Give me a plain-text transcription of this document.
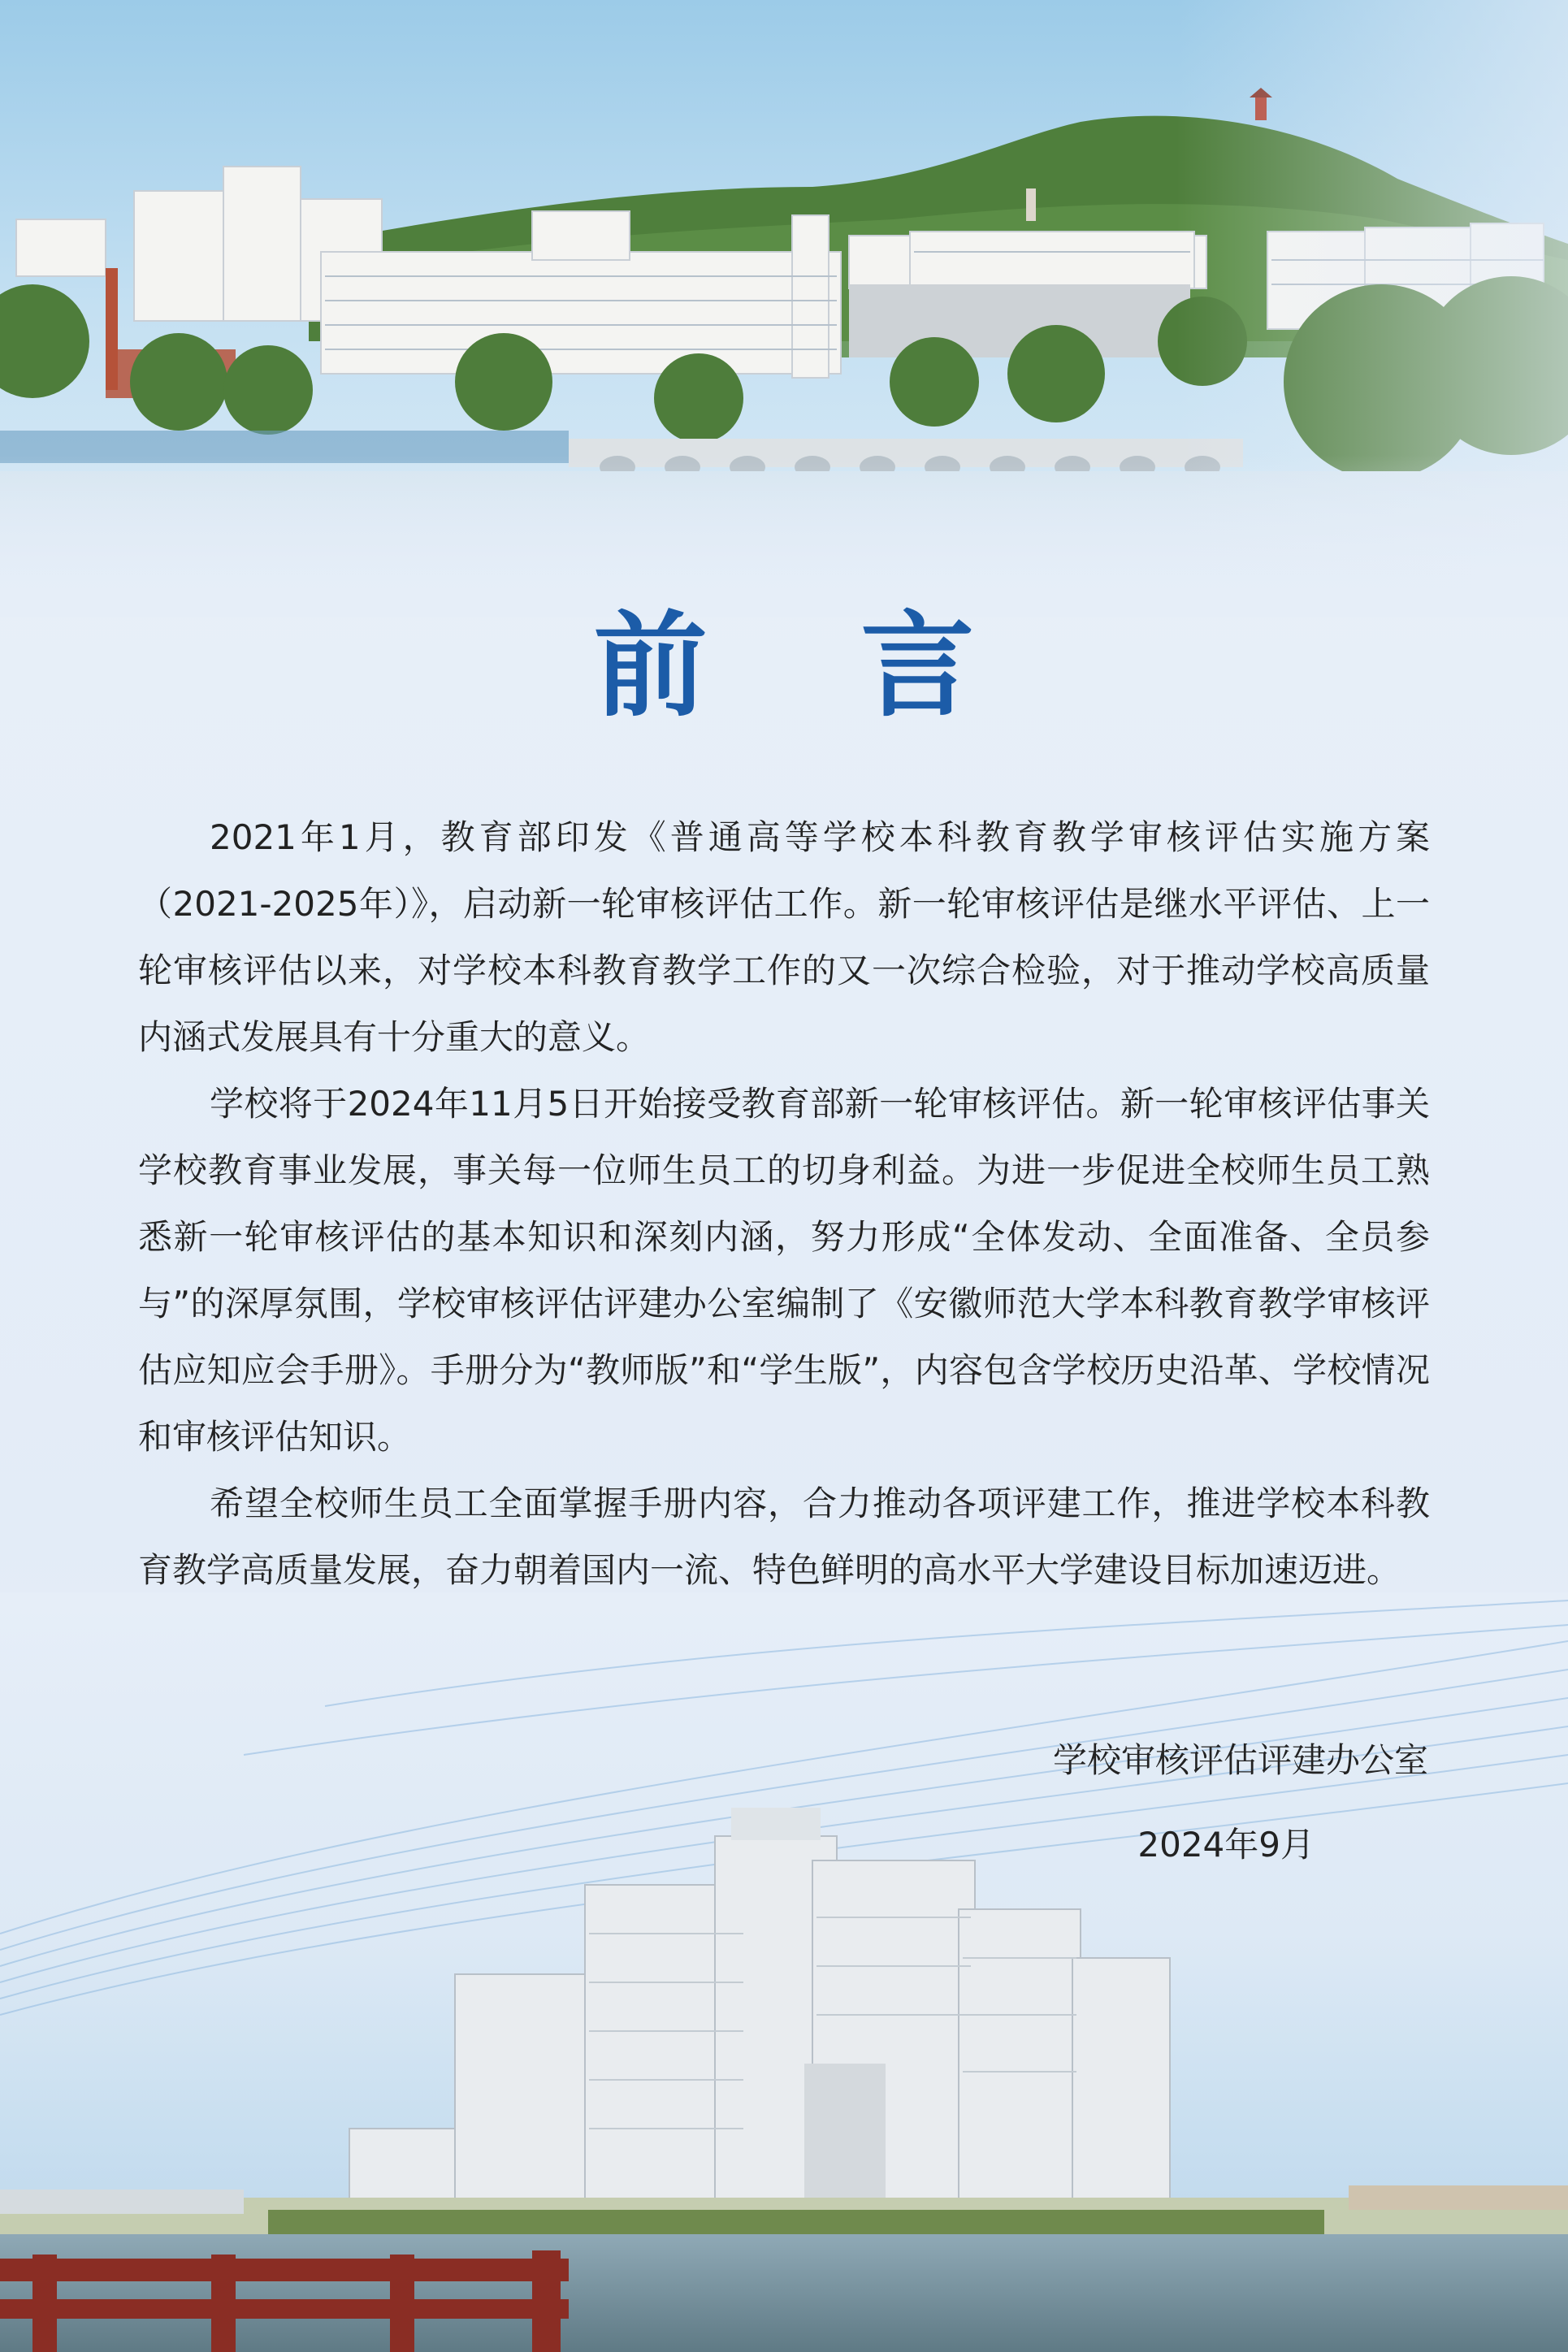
前 言

2021年1月，教育部印发《普通高等学校本科教育教学审核评估实施方案（2021-2025年）》，启动新一轮审核评估工作。新一轮审核评估是继水平评估、上一轮审核评估以来，对学校本科教育教学工作的又一次综合检验，对于推动学校高质量内涵式发展具有十分重大的意义。

学校将于2024年11月5日开始接受教育部新一轮审核评估。新一轮审核评估事关学校教育事业发展，事关每一位师生员工的切身利益。为进一步促进全校师生员工熟悉新一轮审核评估的基本知识和深刻内涵，努力形成“全体发动、全面准备、全员参与”的深厚氛围，学校审核评估评建办公室编制了《安徽师范大学本科教育教学审核评估应知应会手册》。手册分为“教师版”和“学生版”，内容包含学校历史沿革、学校情况和审核评估知识。

希望全校师生员工全面掌握手册内容，合力推动各项评建工作，推进学校本科教育教学高质量发展，奋力朝着国内一流、特色鲜明的高水平大学建设目标加速迈进。

学校审核评估评建办公室
2024年9月
